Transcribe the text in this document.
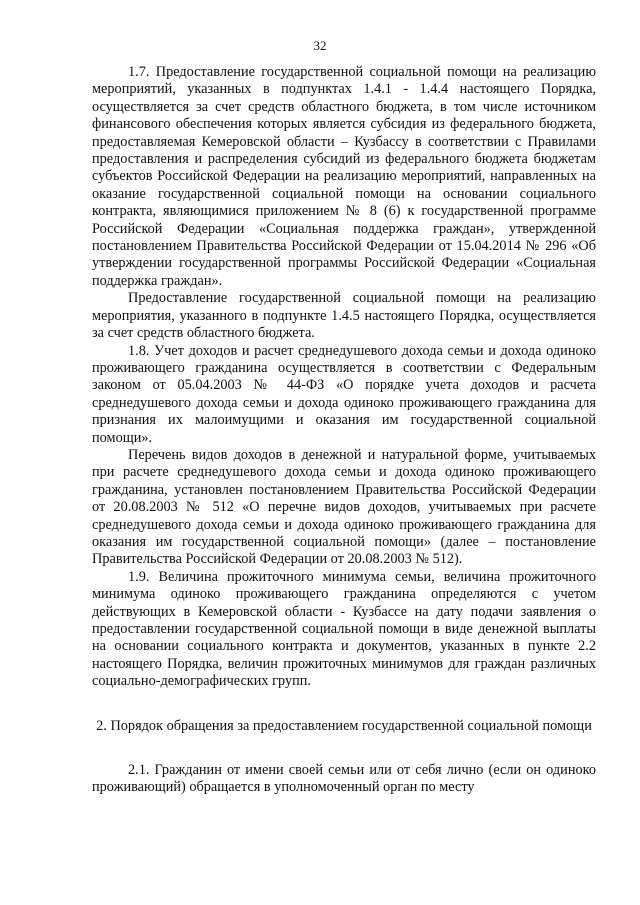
32

1.7. Предоставление государственной социальной помощи на реализацию мероприятий, указанных в подпунктах 1.4.1 - 1.4.4 настоящего Порядка, осуществляется за счет средств областного бюджета, в том числе источником финансового обеспечения которых является субсидия из федерального бюджета, предоставляемая Кемеровской области – Кузбассу в соответствии с Правилами предоставления и распределения субсидий из федерального бюджета бюджетам субъектов Российской Федерации на реализацию мероприятий, направленных на оказание государственной социальной помощи на основании социального контракта, являющимися приложением № 8 (6) к государственной программе Российской Федерации «Социальная поддержка граждан», утвержденной постановлением Правительства Российской Федерации от 15.04.2014 № 296 «Об утверждении государственной программы Российской Федерации «Социальная поддержка граждан».

Предоставление государственной социальной помощи на реализацию мероприятия, указанного в подпункте 1.4.5 настоящего Порядка, осуществляется за счет средств областного бюджета.

1.8. Учет доходов и расчет среднедушевого дохода семьи и дохода одиноко проживающего гражданина осуществляется в соответствии с Федеральным законом от 05.04.2003 № 44-ФЗ «О порядке учета доходов и расчета среднедушевого дохода семьи и дохода одиноко проживающего гражданина для признания их малоимущими и оказания им государственной социальной помощи».

Перечень видов доходов в денежной и натуральной форме, учитываемых при расчете среднедушевого дохода семьи и дохода одиноко проживающего гражданина, установлен постановлением Правительства Российской Федерации от 20.08.2003 № 512 «О перечне видов доходов, учитываемых при расчете среднедушевого дохода семьи и дохода одиноко проживающего гражданина для оказания им государственной социальной помощи» (далее – постановление Правительства Российской Федерации от 20.08.2003 № 512).

1.9. Величина прожиточного минимума семьи, величина прожиточного минимума одиноко проживающего гражданина определяются с учетом действующих в Кемеровской области - Кузбассе на дату подачи заявления о предоставлении государственной социальной помощи в виде денежной выплаты на основании социального контракта и документов, указанных в пункте 2.2 настоящего Порядка, величин прожиточных минимумов для граждан различных социально-демографических групп.

2. Порядок обращения за предоставлением государственной социальной помощи

2.1. Гражданин от имени своей семьи или от себя лично (если он одиноко проживающий) обращается в уполномоченный орган по месту
